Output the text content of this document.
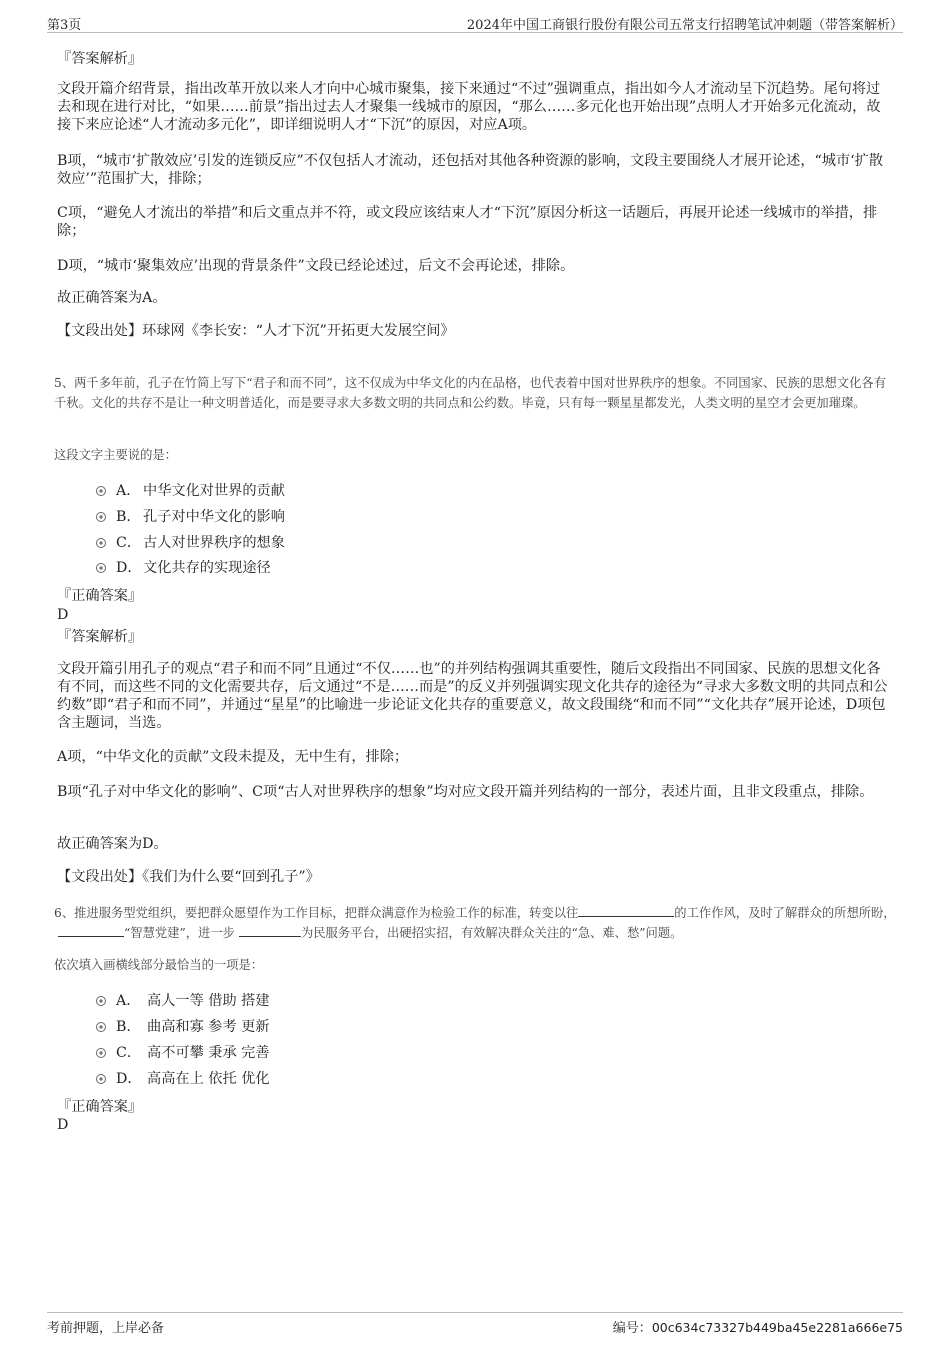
第3页	2024年中国工商银行股份有限公司五常支行招聘笔试冲刺题（带答案解析）
『答案解析』
文段开篇介绍背景，指出改革开放以来人才向中心城市聚集，接下来通过“不过”强调重点，指出如今人才流动呈下沉趋势。尾句将过去和现在进行对比，“如果……前景”指出过去人才聚集一线城市的原因，“那么……多元化也开始出现”点明人才开始多元化流动，故接下来应论述“人才流动多元化”，即详细说明人才“下沉”的原因，对应A项。
B项，“城市‘扩散效应’引发的连锁反应”不仅包括人才流动，还包括对其他各种资源的影响，文段主要围绕人才展开论述，“城市‘扩散效应’”范围扩大，排除；
C项，“避免人才流出的举措”和后文重点并不符，或文段应该结束人才“下沉”原因分析这一话题后，再展开论述一线城市的举措，排除；
D项，“城市‘聚集效应’出现的背景条件”文段已经论述过，后文不会再论述，排除。
故正确答案为A。
【文段出处】环球网《李长安：“人才下沉”开拓更大发展空间》
5、两千多年前，孔子在竹简上写下“君子和而不同”，这不仅成为中华文化的内在品格，也代表着中国对世界秩序的想象。不同国家、民族的思想文化各有千秋。文化的共存不是让一种文明普适化，而是要寻求大多数文明的共同点和公约数。毕竟，只有每一颗星星都发光，人类文明的星空才会更加璀璨。
这段文字主要说的是：
A． 中华文化对世界的贡献
B. 孔子对中华文化的影响
C． 古人对世界秩序的想象
D． 文化共存的实现途径
『正确答案』
D
『答案解析』
文段开篇引用孔子的观点“君子和而不同”且通过“不仅……也”的并列结构强调其重要性，随后文段指出不同国家、民族的思想文化各有不同，而这些不同的文化需要共存，后文通过“不是……而是”的反义并列强调实现文化共存的途径为“寻求大多数文明的共同点和公约数”即“君子和而不同”，并通过“星星”的比喻进一步论证文化共存的重要意义，故文段围绕“和而不同”“文化共存”展开论述，D项包含主题词，当选。
A项，“中华文化的贡献”文段未提及，无中生有，排除；
B项“孔子对中华文化的影响”、C项“古人对世界秩序的想象”均对应文段开篇并列结构的一部分，表述片面，且非文段重点，排除。
故正确答案为D。
【文段出处】《我们为什么要“回到孔子”》
6、推进服务型党组织，要把群众愿望作为工作目标，把群众满意作为检验工作的标准，转变以往	的工作作风，及时了解群众的所想所盼，“智慧党建”，进一步	为民服务平台，出硬招实招，有效解决群众关注的“急、难、愁”问题。
依次填入画横线部分最恰当的一项是：
A． 高人一等 借助 搭建
B.	曲高和寡 参考 更新
C． 高不可攀 秉承 完善
D． 高高在上 依托 优化
『正确答案』
D
考前押题，上岸必备	编号：00c634c73327b449ba45e2281a666e75
